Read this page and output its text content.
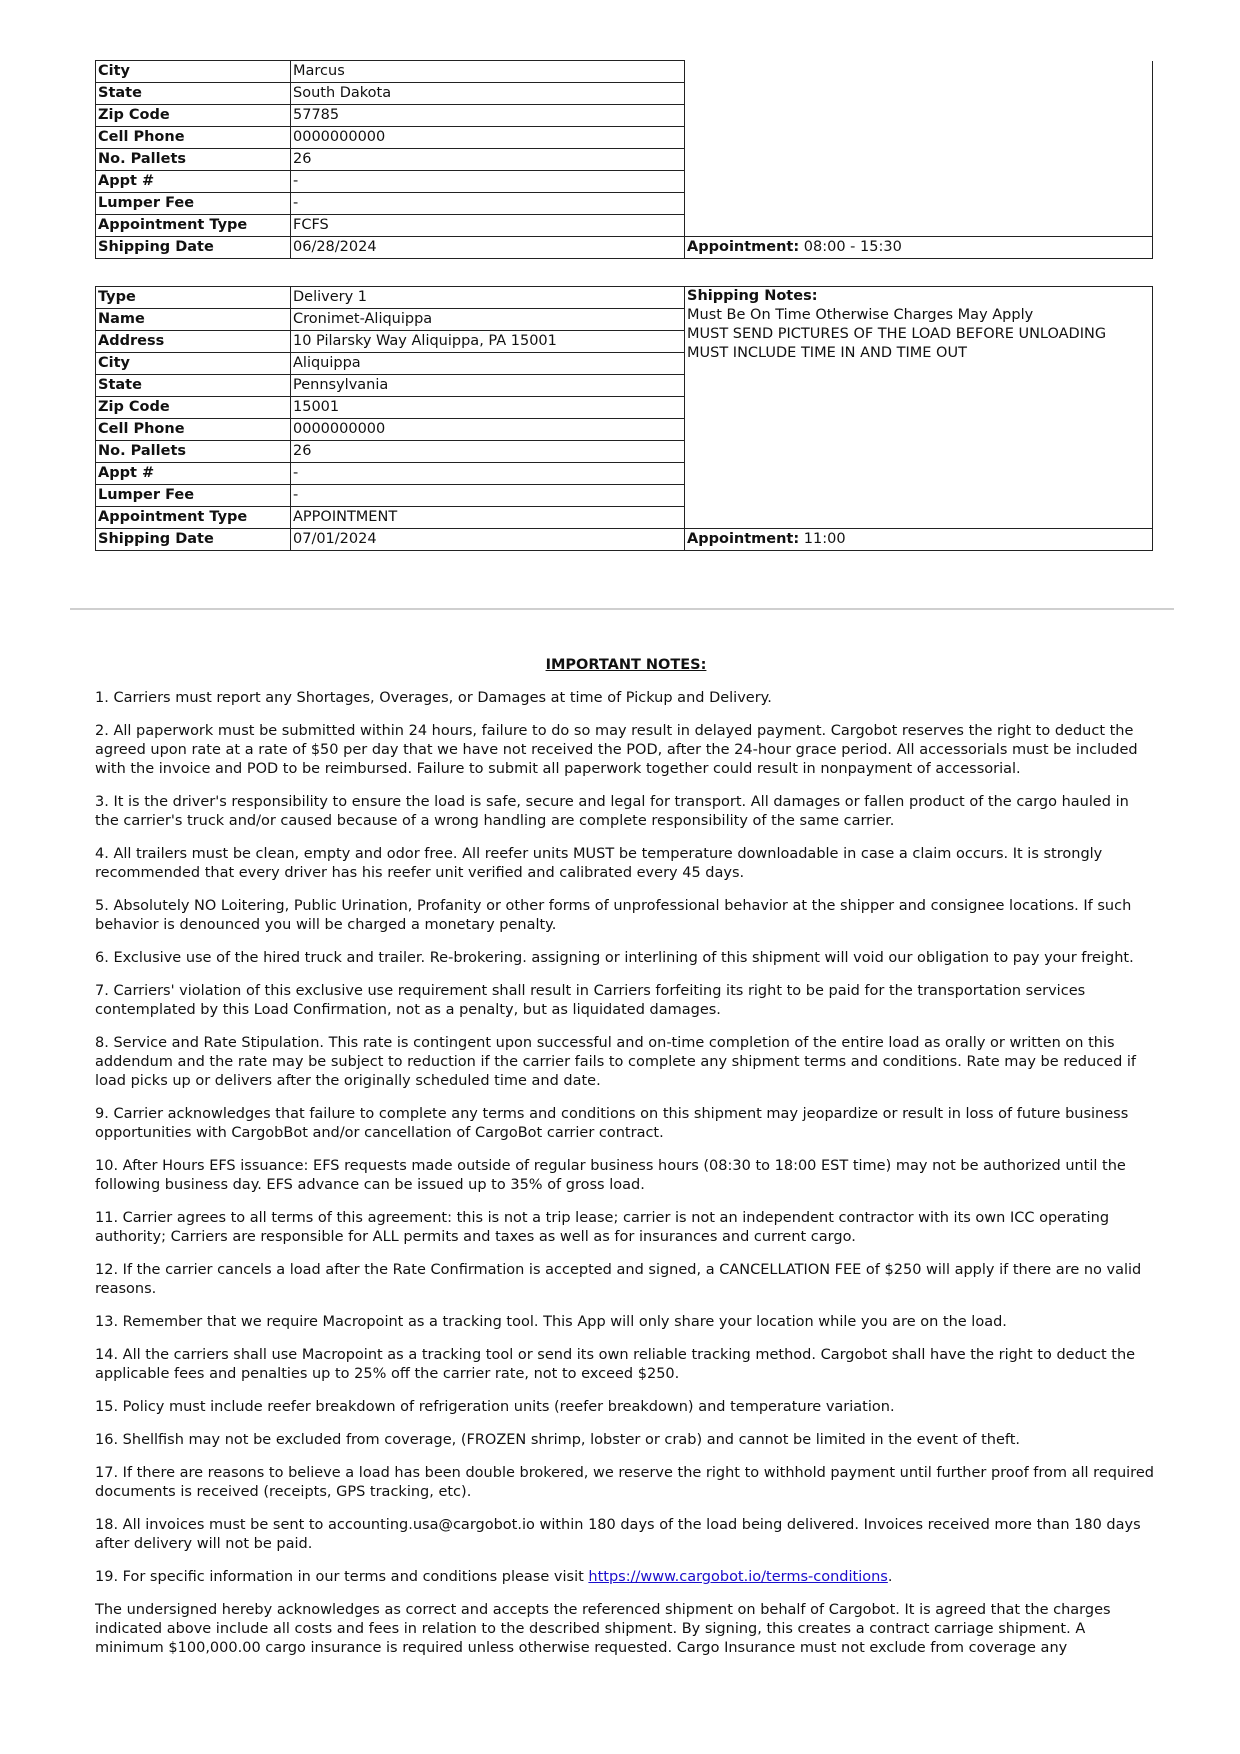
City	Marcus	
State	South Dakota	
Zip Code	57785	
Cell Phone	0000000000	
No. Pallets	26	
Appt #	-	
Lumper Fee	-	
Appointment Type	FCFS	
Shipping Date	06/28/2024	Appointment: 08:00 - 15:30
Type	Delivery 1	Shipping Notes:
Must Be On Time Otherwise Charges May Apply
MUST SEND PICTURES OF THE LOAD BEFORE UNLOADING
MUST INCLUDE TIME IN AND TIME OUT

Name	Cronimet-Aliquippa	
Address	10 Pilarsky Way Aliquippa, PA 15001	
City	Aliquippa	
State	Pennsylvania	
Zip Code	15001	
Cell Phone	0000000000	
No. Pallets	26	
Appt #	-	
Lumper Fee	-	
Appointment Type	APPOINTMENT	
Shipping Date	07/01/2024	Appointment: 11:00
IMPORTANT NOTES:

1. Carriers must report any Shortages, Overages, or Damages at time of Pickup and Delivery.

2. All paperwork must be submitted within 24 hours, failure to do so may result in delayed payment. Cargobot reserves the right to deduct the agreed upon rate at a rate of $50 per day that we have not received the POD, after the 24-hour grace period. All accessorials must be included with the invoice and POD to be reimbursed. Failure to submit all paperwork together could result in nonpayment of accessorial.

3. It is the driver's responsibility to ensure the load is safe, secure and legal for transport. All damages or fallen product of the cargo hauled in the carrier's truck and/or caused because of a wrong handling are complete responsibility of the same carrier.

4. All trailers must be clean, empty and odor free. All reefer units MUST be temperature downloadable in case a claim occurs. It is strongly recommended that every driver has his reefer unit verified and calibrated every 45 days.

5. Absolutely NO Loitering, Public Urination, Profanity or other forms of unprofessional behavior at the shipper and consignee locations. If such behavior is denounced you will be charged a monetary penalty.

6. Exclusive use of the hired truck and trailer. Re-brokering. assigning or interlining of this shipment will void our obligation to pay your freight.

7. Carriers' violation of this exclusive use requirement shall result in Carriers forfeiting its right to be paid for the transportation services contemplated by this Load Confirmation, not as a penalty, but as liquidated damages.

8. Service and Rate Stipulation. This rate is contingent upon successful and on-time completion of the entire load as orally or written on this addendum and the rate may be subject to reduction if the carrier fails to complete any shipment terms and conditions. Rate may be reduced if load picks up or delivers after the originally scheduled time and date.

9. Carrier acknowledges that failure to complete any terms and conditions on this shipment may jeopardize or result in loss of future business opportunities with CargobBot and/or cancellation of CargoBot carrier contract.

10. After Hours EFS issuance: EFS requests made outside of regular business hours (08:30 to 18:00 EST time) may not be authorized until the following business day. EFS advance can be issued up to 35% of gross load.

11. Carrier agrees to all terms of this agreement: this is not a trip lease; carrier is not an independent contractor with its own ICC operating authority; Carriers are responsible for ALL permits and taxes as well as for insurances and current cargo.

12. If the carrier cancels a load after the Rate Confirmation is accepted and signed, a CANCELLATION FEE of $250 will apply if there are no valid reasons.

13. Remember that we require Macropoint as a tracking tool. This App will only share your location while you are on the load.

14. All the carriers shall use Macropoint as a tracking tool or send its own reliable tracking method. Cargobot shall have the right to deduct the applicable fees and penalties up to 25% off the carrier rate, not to exceed $250.

15. Policy must include reefer breakdown of refrigeration units (reefer breakdown) and temperature variation.

16. Shellfish may not be excluded from coverage, (FROZEN shrimp, lobster or crab) and cannot be limited in the event of theft.

17. If there are reasons to believe a load has been double brokered, we reserve the right to withhold payment until further proof from all required documents is received (receipts, GPS tracking, etc).

18. All invoices must be sent to accounting.usa@cargobot.io within 180 days of the load being delivered. Invoices received more than 180 days after delivery will not be paid.

19. For specific information in our terms and conditions please visit https://www.cargobot.io/terms-conditions.

The undersigned hereby acknowledges as correct and accepts the referenced shipment on behalf of Cargobot. It is agreed that the charges indicated above include all costs and fees in relation to the described shipment. By signing, this creates a contract carriage shipment. A minimum $100,000.00 cargo insurance is required unless otherwise requested. Cargo Insurance must not exclude from coverage any
